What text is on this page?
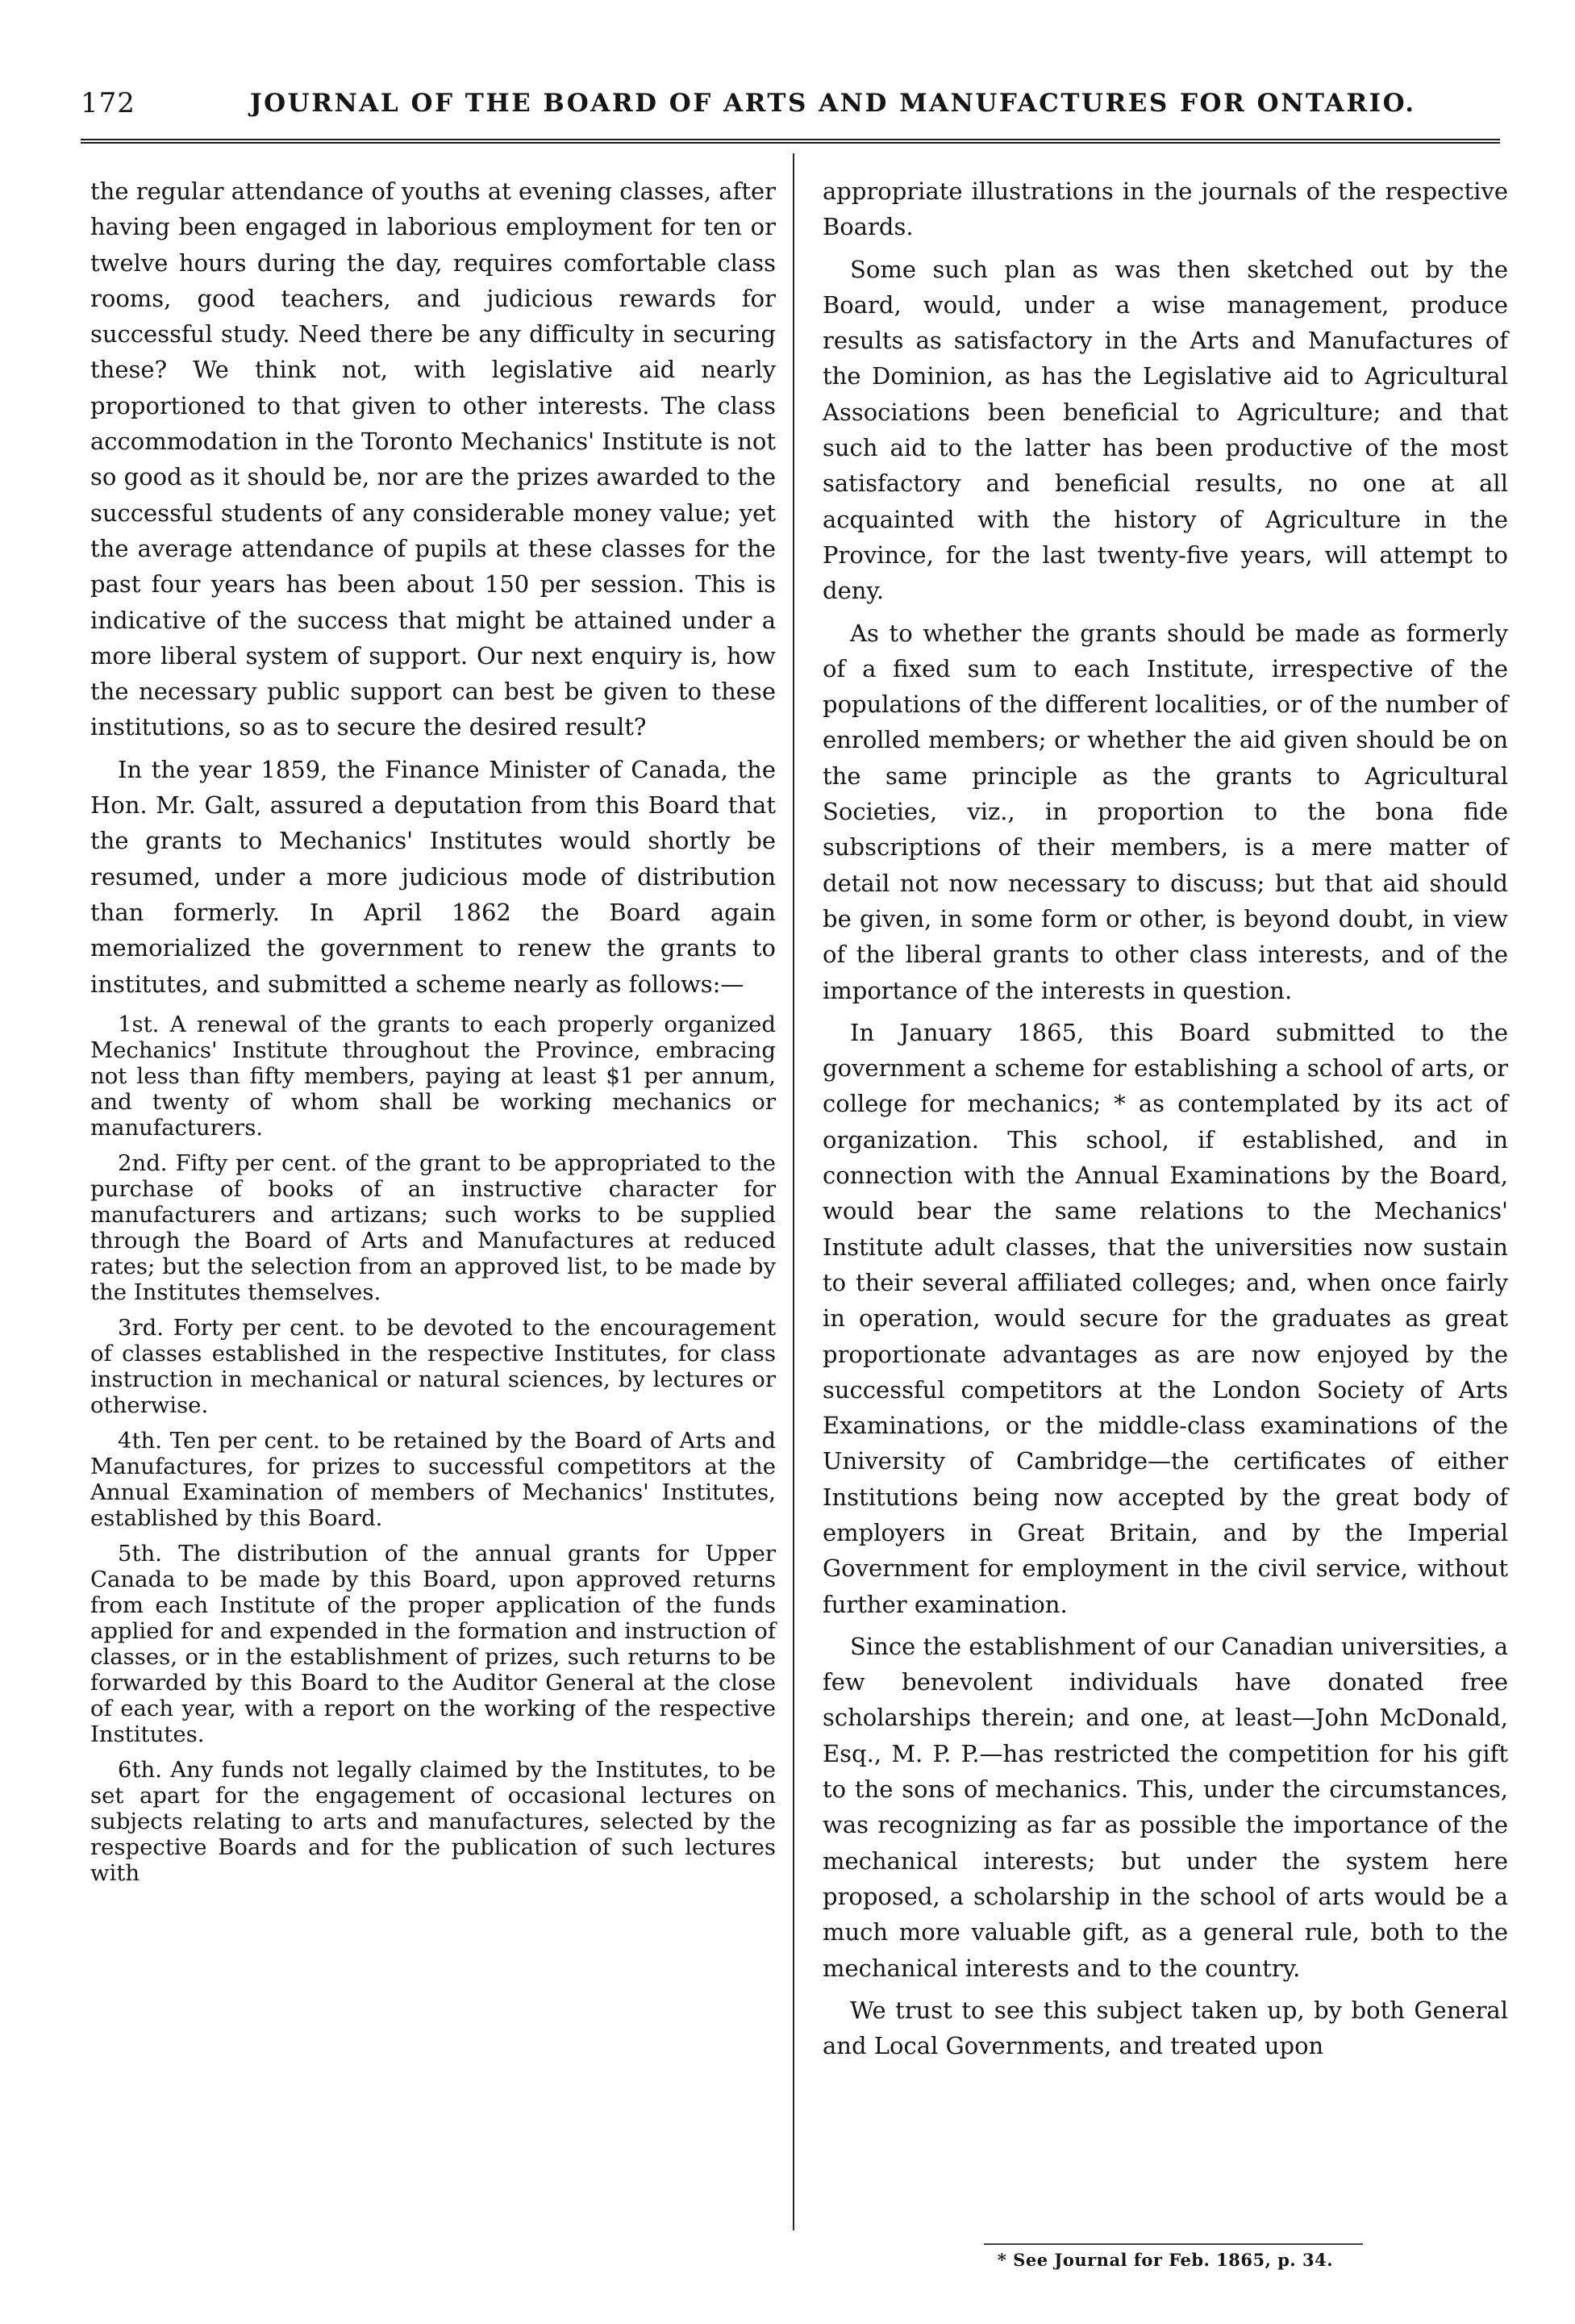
172	JOURNAL OF THE BOARD OF ARTS AND MANUFACTURES FOR ONTARIO.

the regular attendance of youths at evening classes, after having been engaged in laborious employment for ten or twelve hours during the day, requires comfortable class rooms, good teachers, and judicious rewards for successful study. Need there be any difficulty in securing these? We think not, with legislative aid nearly proportioned to that given to other interests. The class accommodation in the Toronto Mechanics' Institute is not so good as it should be, nor are the prizes awarded to the successful students of any considerable money value; yet the average attendance of pupils at these classes for the past four years has been about 150 per session. This is indicative of the success that might be attained under a more liberal system of support. Our next enquiry is, how the necessary public support can best be given to these institutions, so as to secure the desired result?

In the year 1859, the Finance Minister of Canada, the Hon. Mr. Galt, assured a deputation from this Board that the grants to Mechanics' Institutes would shortly be resumed, under a more judicious mode of distribution than formerly. In April 1862 the Board again memorialized the government to renew the grants to institutes, and submitted a scheme nearly as follows:—

1st. A renewal of the grants to each properly organized Mechanics' Institute throughout the Province, embracing not less than fifty members, paying at least $1 per annum, and twenty of whom shall be working mechanics or manufacturers.

2nd. Fifty per cent. of the grant to be appropriated to the purchase of books of an instructive character for manufacturers and artizans; such works to be supplied through the Board of Arts and Manufactures at reduced rates; but the selection from an approved list, to be made by the Institutes themselves.

3rd. Forty per cent. to be devoted to the encouragement of classes established in the respective Institutes, for class instruction in mechanical or natural sciences, by lectures or otherwise.

4th. Ten per cent. to be retained by the Board of Arts and Manufactures, for prizes to successful competitors at the Annual Examination of members of Mechanics' Institutes, established by this Board.

5th. The distribution of the annual grants for Upper Canada to be made by this Board, upon approved returns from each Institute of the proper application of the funds applied for and expended in the formation and instruction of classes, or in the establishment of prizes, such returns to be forwarded by this Board to the Auditor General at the close of each year, with a report on the working of the respective Institutes.

6th. Any funds not legally claimed by the Institutes, to be set apart for the engagement of occasional lectures on subjects relating to arts and manufactures, selected by the respective Boards and for the publication of such lectures with

appropriate illustrations in the journals of the respective Boards.

Some such plan as was then sketched out by the Board, would, under a wise management, produce results as satisfactory in the Arts and Manufactures of the Dominion, as has the Legislative aid to Agricultural Associations been beneficial to Agriculture; and that such aid to the latter has been productive of the most satisfactory and beneficial results, no one at all acquainted with the history of Agriculture in the Province, for the last twenty-five years, will attempt to deny.

As to whether the grants should be made as formerly of a fixed sum to each Institute, irrespective of the populations of the different localities, or of the number of enrolled members; or whether the aid given should be on the same principle as the grants to Agricultural Societies, viz., in proportion to the bona fide subscriptions of their members, is a mere matter of detail not now necessary to discuss; but that aid should be given, in some form or other, is beyond doubt, in view of the liberal grants to other class interests, and of the importance of the interests in question.

In January 1865, this Board submitted to the government a scheme for establishing a school of arts, or college for mechanics; * as contemplated by its act of organization. This school, if established, and in connection with the Annual Examinations by the Board, would bear the same relations to the Mechanics' Institute adult classes, that the universities now sustain to their several affiliated colleges; and, when once fairly in operation, would secure for the graduates as great proportionate advantages as are now enjoyed by the successful competitors at the London Society of Arts Examinations, or the middle-class examinations of the University of Cambridge—the certificates of either Institutions being now accepted by the great body of employers in Great Britain, and by the Imperial Government for employment in the civil service, without further examination.

Since the establishment of our Canadian universities, a few benevolent individuals have donated free scholarships therein; and one, at least—John McDonald, Esq., M. P. P.—has restricted the competition for his gift to the sons of mechanics. This, under the circumstances, was recognizing as far as possible the importance of the mechanical interests; but under the system here proposed, a scholarship in the school of arts would be a much more valuable gift, as a general rule, both to the mechanical interests and to the country.

We trust to see this subject taken up, by both General and Local Governments, and treated upon

* See Journal for Feb. 1865, p. 34.
